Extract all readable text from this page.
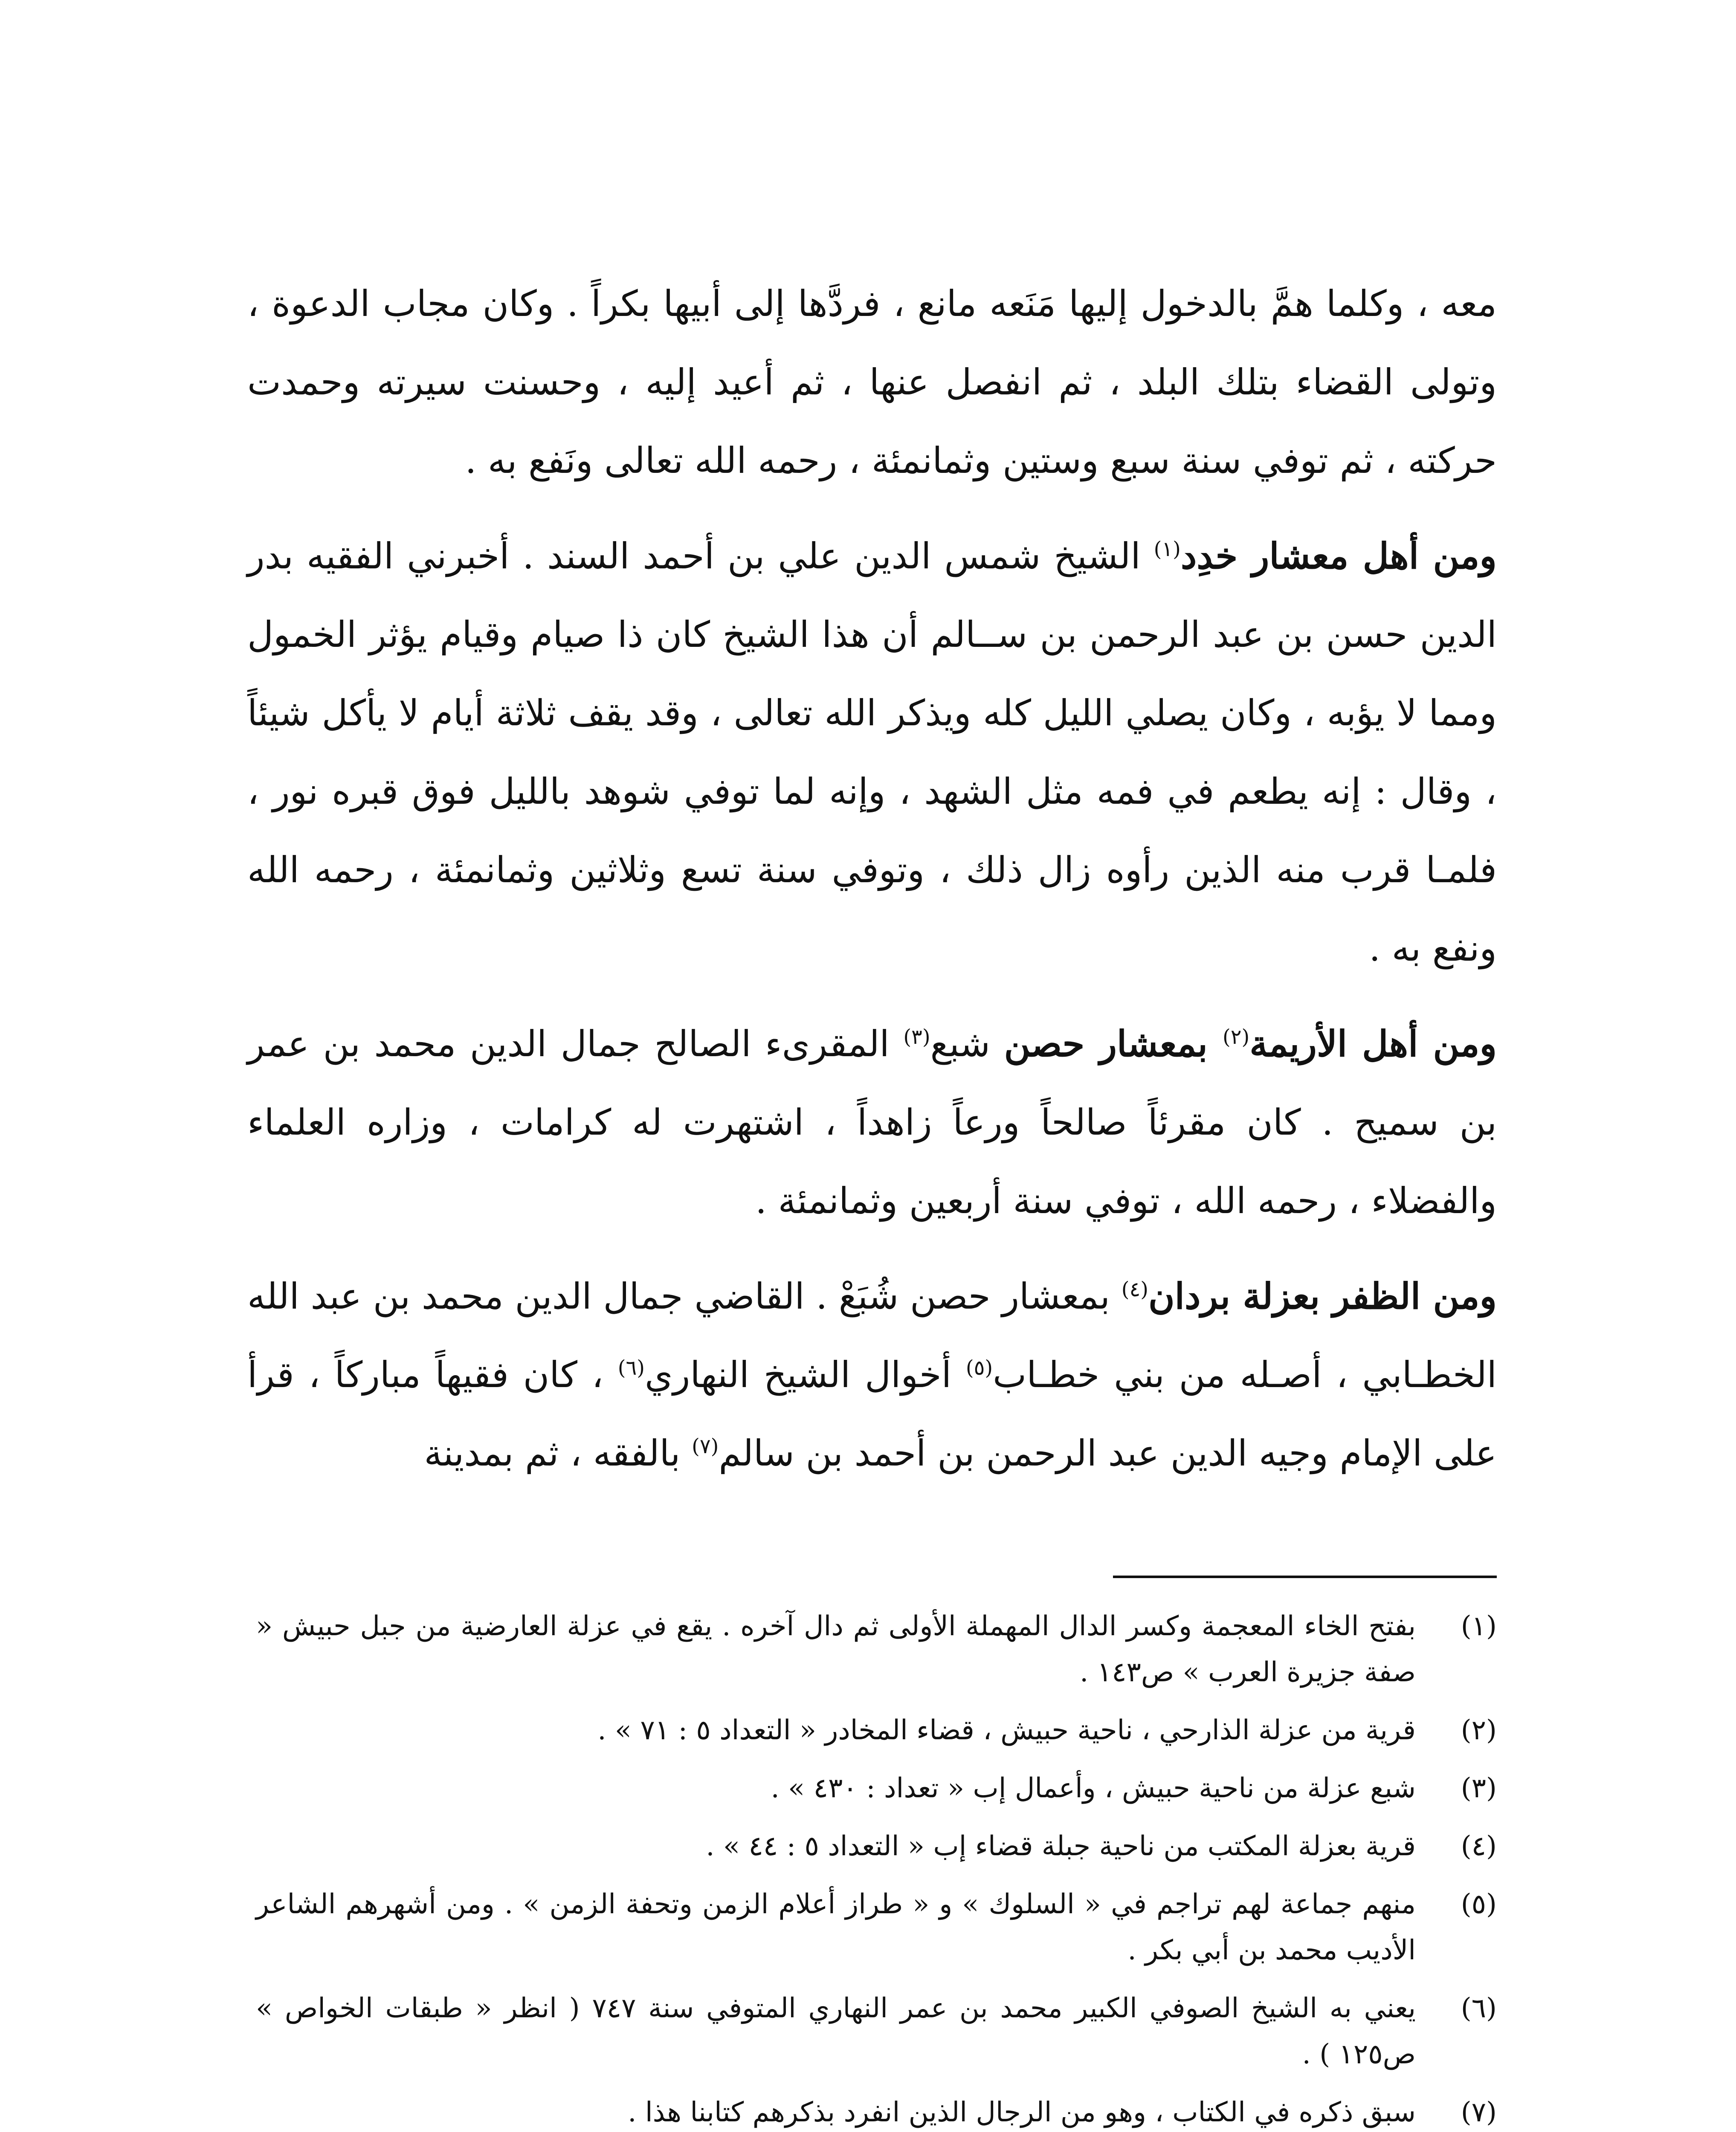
معه ، وكلما همَّ بالدخول إليها مَنَعه مانع ، فردَّها إلى أبيها بكراً . وكان مجاب الدعوة ، وتولى القضاء بتلك البلد ، ثم انفصل عنها ، ثم أعيد إليه ، وحسنت سيرته وحمدت حركته ، ثم توفي سنة سبع وستين وثمانمئة ، رحمه الله تعالى ونَفع به .

ومن أهل معشار خدِد$^{(١)}$ الشيخ شمس الدين علي بن أحمد السند . أخبرني الفقيه بدر الدين حسن بن عبد الرحمن بن ســالم أن هذا الشيخ كان ذا صيام وقيام يؤثر الخمول ومما لا يؤبه ، وكان يصلي الليل كله ويذكر الله تعالى ، وقد يقف ثلاثة أيام لا يأكل شيئاً ، وقال : إنه يطعم في فمه مثل الشهد ، وإنه لما توفي شوهد بالليل فوق قبره نور ، فلمـا قرب منه الذين رأوه زال ذلك ، وتوفي سنة تسع وثلاثين وثمانمئة ، رحمه الله ونفع به .

ومن أهل الأريمة$^{(٢)}$ بمعشار حصن شبع$^{(٣)}$ المقرىء الصالح جمال الدين محمد بن عمر بن سميح . كان مقرئاً صالحاً ورعاً زاهداً ، اشتهرت له كرامات ، وزاره العلماء والفضلاء ، رحمه الله ، توفي سنة أربعين وثمانمئة .

ومن الظفر بعزلة بردان$^{(٤)}$ بمعشار حصن شُبَعْ . القاضي جمال الدين محمد بن عبد الله الخطـابي ، أصـله من بني خطـاب$^{(٥)}$ أخوال الشيخ النهاري$^{(٦)}$ ، كان فقيهاً مباركاً ، قرأ على الإمام وجيه الدين عبد الرحمن بن أحمد بن سالم$^{(٧)}$ بالفقه ، ثم بمدينة

(١)
بفتح الخاء المعجمة وكسر الدال المهملة الأولى ثم دال آخره . يقع في عزلة العارضية من جبل حبيش « صفة جزيرة العرب » ص١٤٣ .
(٢)
قرية من عزلة الذارحي ، ناحية حبيش ، قضاء المخادر « التعداد ٥ : ٧١ » .
(٣)
شبع عزلة من ناحية حبيش ، وأعمال إب « تعداد : ٤٣٠ » .
(٤)
قرية بعزلة المكتب من ناحية جبلة قضاء إب « التعداد ٥ : ٤٤ » .
(٥)
منهم جماعة لهم تراجم في « السلوك » و « طراز أعلام الزمن وتحفة الزمن » . ومن أشهرهم الشاعر الأديب محمد بن أبي بكر .
(٦)
يعني به الشيخ الصوفي الكبير محمد بن عمر النهاري المتوفي سنة ٧٤٧ ( انظر « طبقات الخواص » ص١٢٥ ) .
(٧)
سبق ذكره في الكتاب ، وهو من الرجال الذين انفرد بذكرهم كتابنا هذا .
